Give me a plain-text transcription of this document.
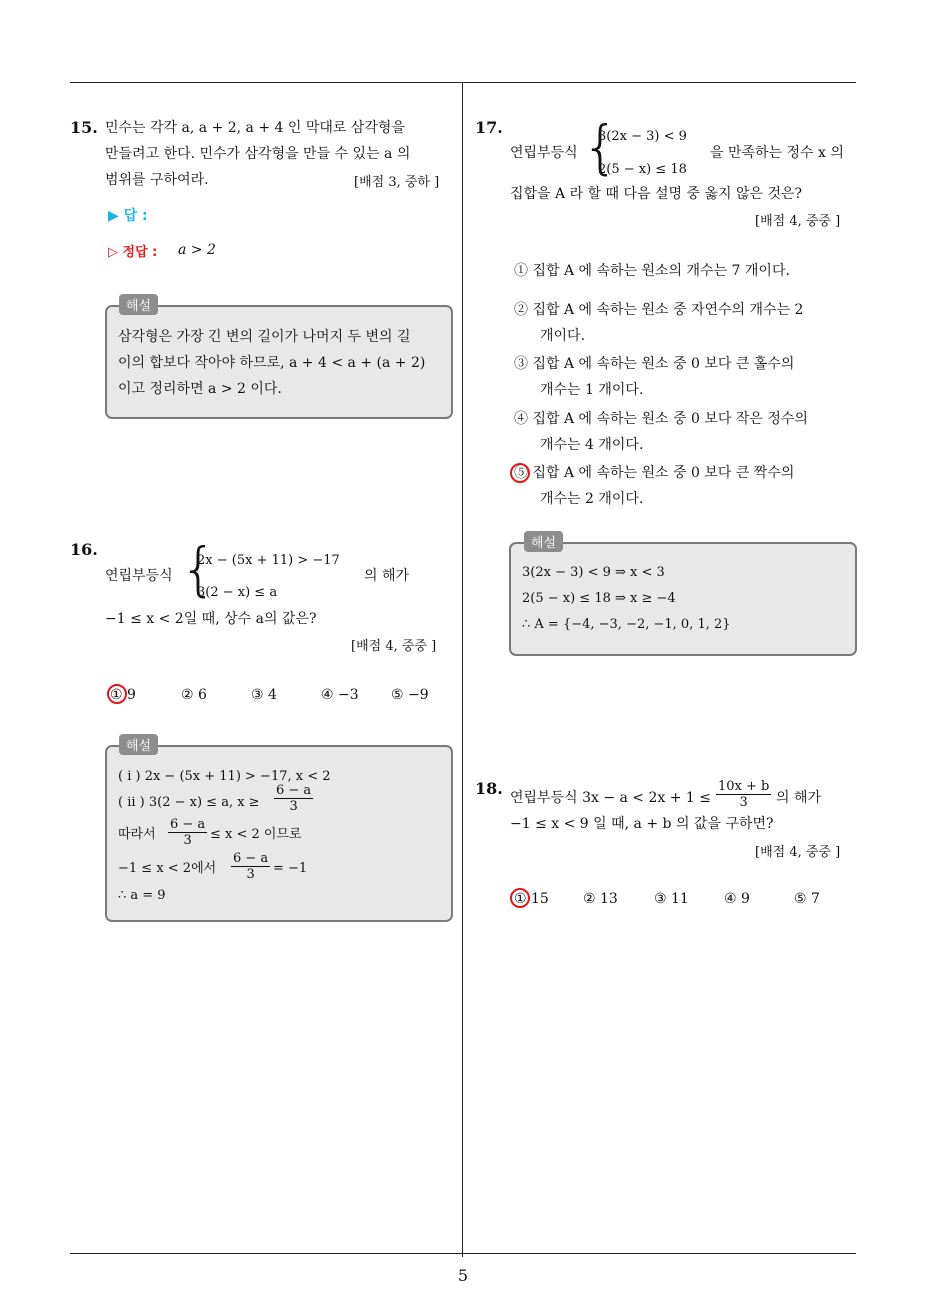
5
15. 민수는 각각 a, a + 2, a + 4 인 막대로 삼각형을
만들려고 한다. 민수가 삼각형을 만들 수 있는 a 의
범위를 구하여라.	[배점 3, 중하 ]
▶ 답 :
▷ 정답 : a > 2
해설
삼각형은 가장 긴 변의 길이가 나머지 두 변의 길
이의 합보다 작아야 하므로, a + 4 < a + (a + 2)
이고 정리하면 a > 2 이다.
16.
연립부등식 {
2x − (5x + 11) > −17
3(2 − x) ≤ a
의 해가
−1 ≤ x < 2일 때, 상수 a의 값은?
[배점 4, 중중 ]
① 9	② 6	③ 4	④ −3 ⑤ −9
해설
( i ) 2x − (5x + 11) > −17, x < 2
( ii ) 3(2 − x) ≤ a, $x \ge \frac{6 - a}{3}$
따라서 $\frac{6 - a}{3} \le x < 2$ 이므로
−1 ≤ x < 2에서 $\frac{6 - a}{3} = -1$
∴ a = 9
17.
연립부등식 {
3(2x − 3) < 9
2(5 − x) ≤ 18
을 만족하는 정수 x 의
집합을 A 라 할 때 다음 설명 중 옳지 않은 것은?
[배점 4, 중중 ]
① 집합 A 에 속하는 원소의 개수는 7 개이다.
② 집합 A 에 속하는 원소 중 자연수의 개수는 2
개이다.
③ 집합 A 에 속하는 원소 중 0 보다 큰 홀수의
개수는 1 개이다.
④ 집합 A 에 속하는 원소 중 0 보다 작은 정수의
개수는 4 개이다.
⑤ 집합 A 에 속하는 원소 중 0 보다 큰 짝수의
개수는 2 개이다.
해설
3(2x − 3) < 9 ⇒ x < 3
2(5 − x) ≤ 18 ⇒ x ≥ −4
∴ A = {−4, −3, −2, −1, 0, 1, 2}
18. 연립부등식 $3x - a < 2x + 1 \le \frac{10x + b}{3}$ 의 해가
−1 ≤ x < 9 일 때, a + b 의 값을 구하면?
[배점 4, 중중 ]
① 15 ② 13	③ 11	④ 9	⑤ 7
